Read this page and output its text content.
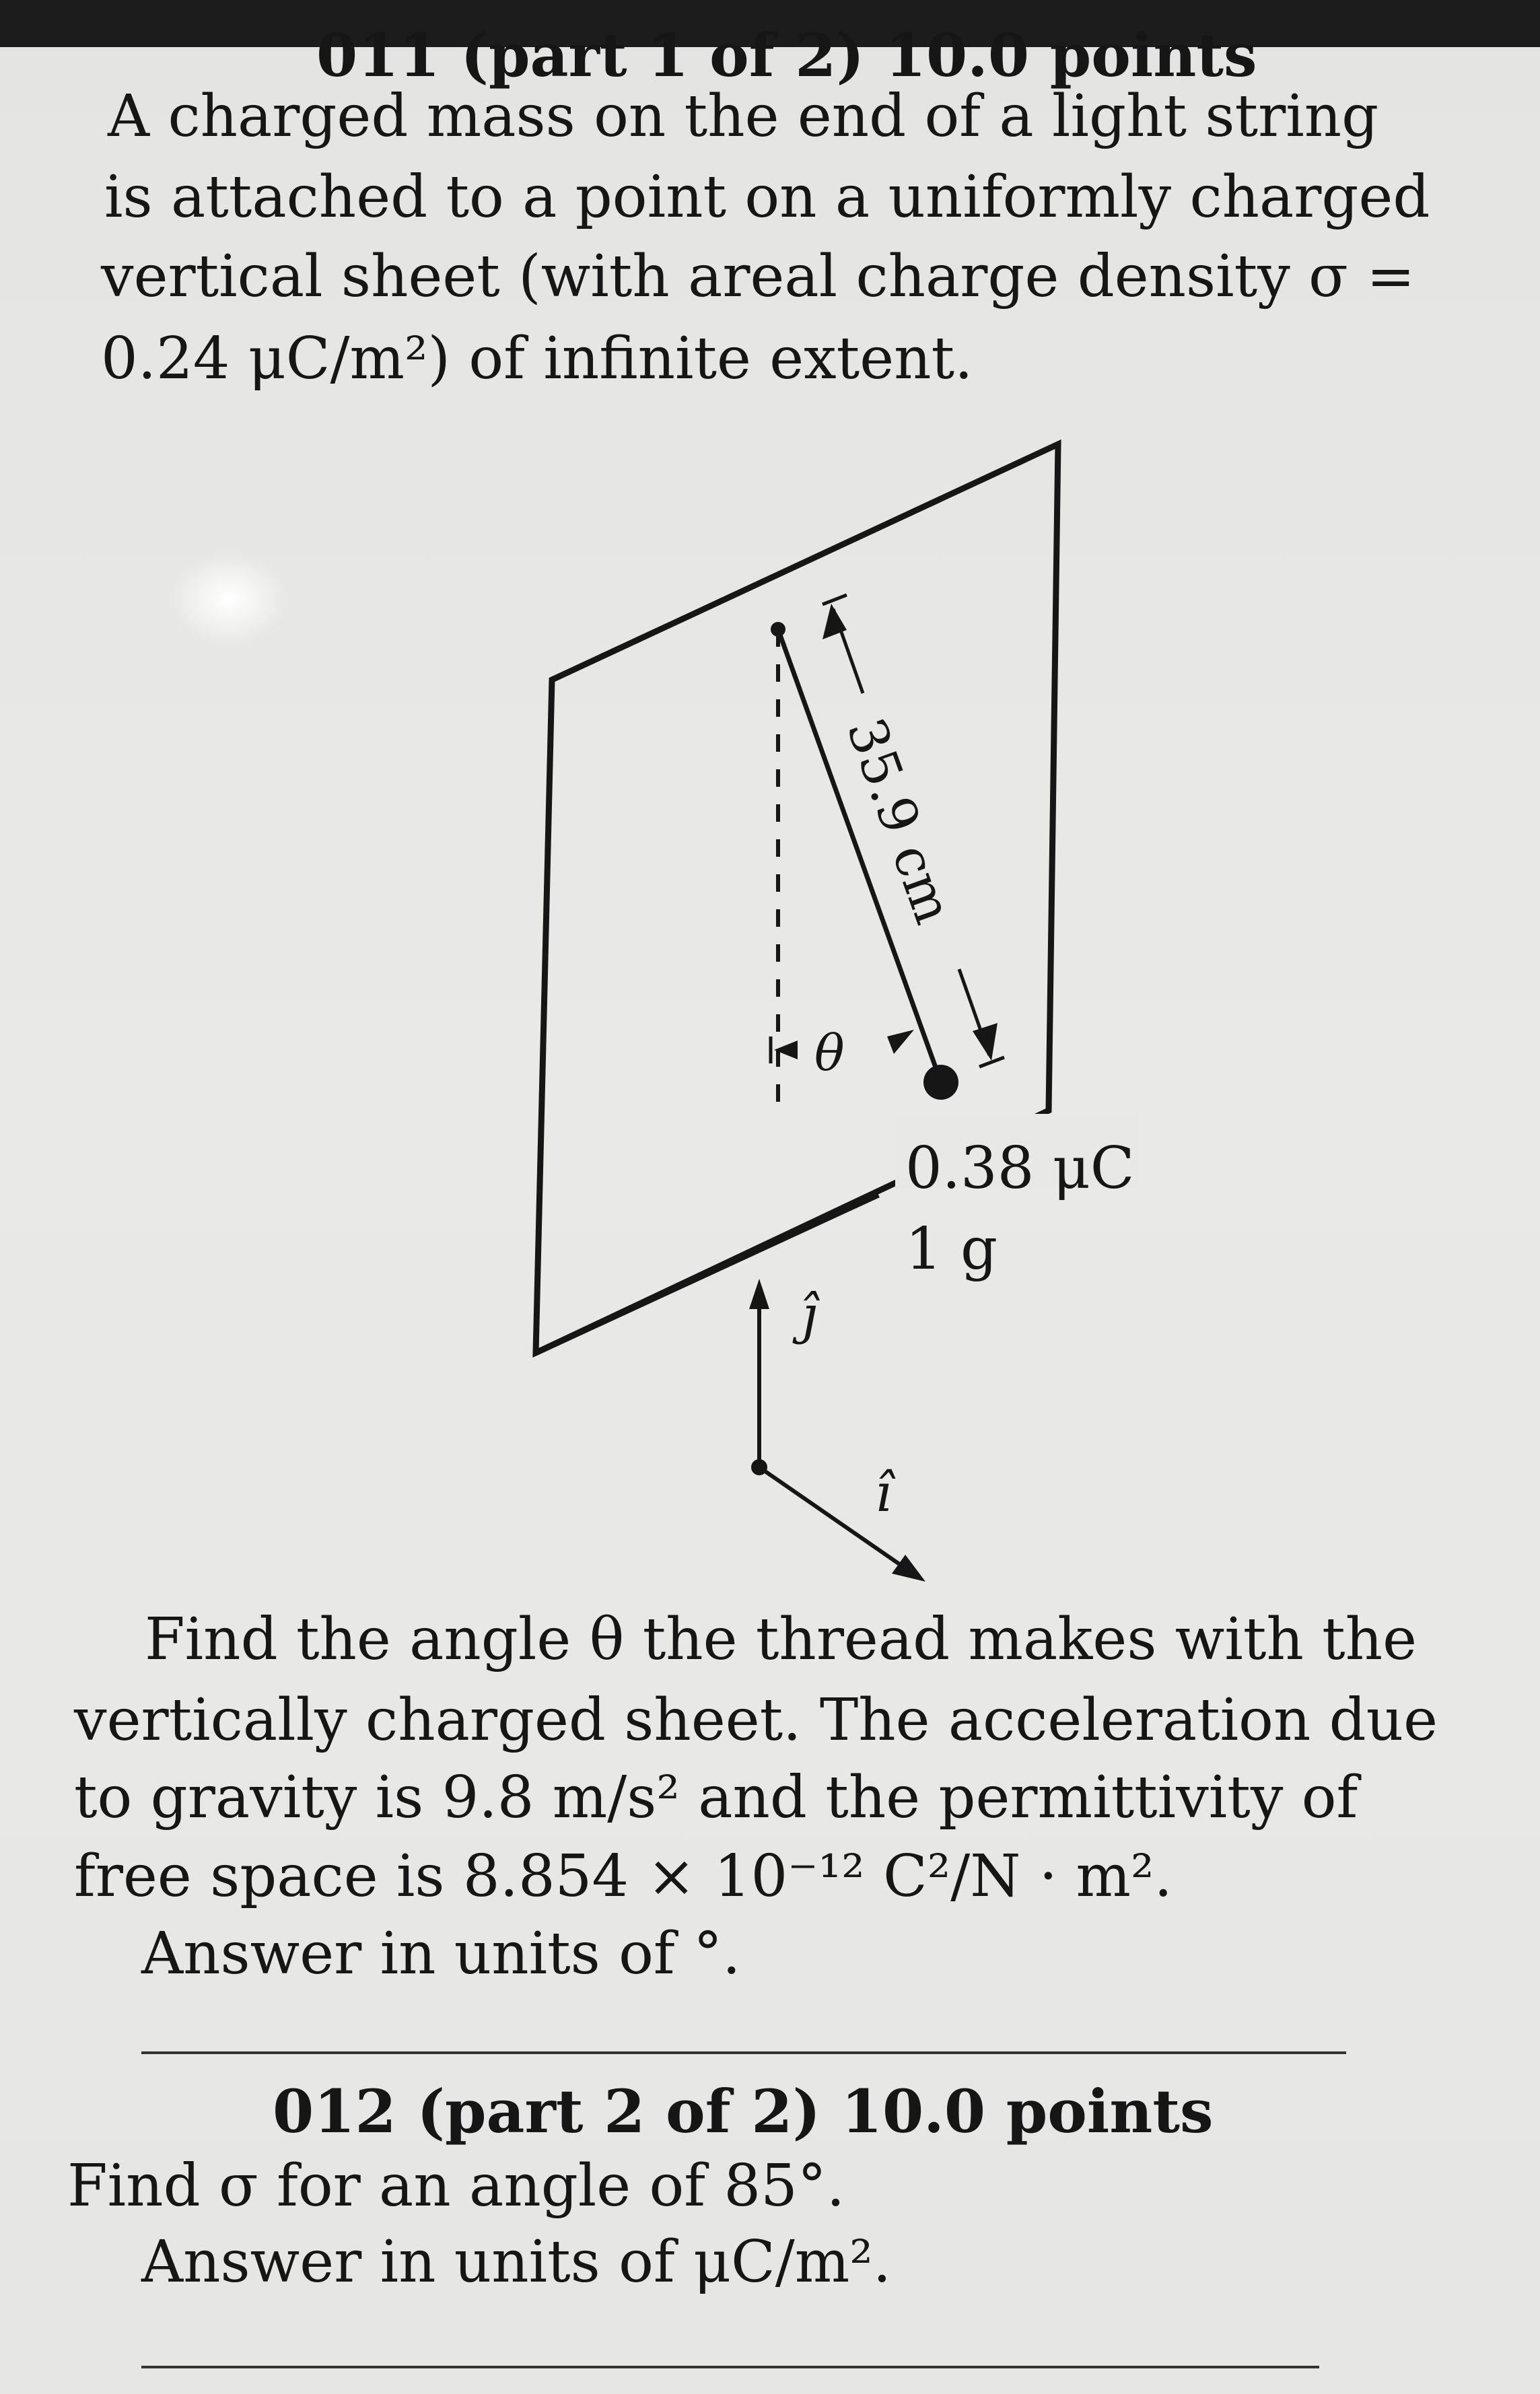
011 (part 1 of 2) 10.0 points
A charged mass on the end of a light string
is attached to a point on a uniformly charged
vertical sheet (with areal charge density σ =
0.24 μC/m²) of infinite extent.
35.9 cm
θ
0.38 μC
1 g
ĵ
î
Find the angle θ the thread makes with the
vertically charged sheet. The acceleration due
to gravity is 9.8 m/s² and the permittivity of
free space is 8.854 × 10⁻¹² C²/N · m².
Answer in units of °.
012 (part 2 of 2) 10.0 points
Find σ for an angle of 85°.
Answer in units of μC/m².
